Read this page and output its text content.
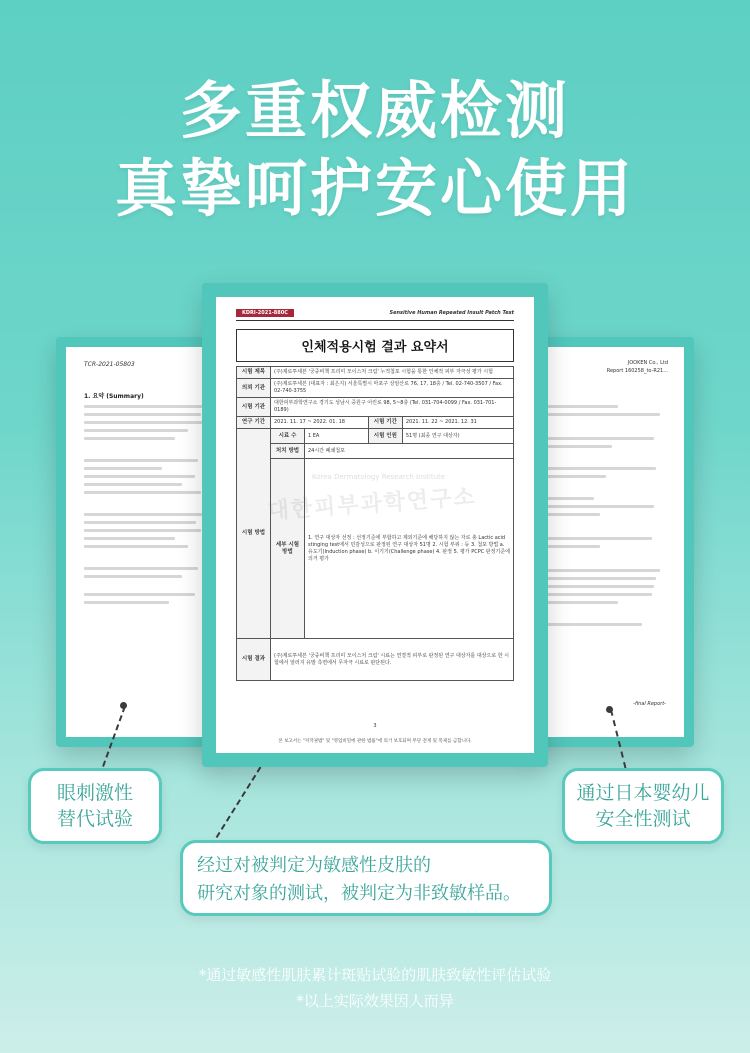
多重权威检测
真挚呵护安心使用
TCR-2021-05803
1. 요약 (Summary)
JOOKEN Co., Ltd
Report 160258_to-R21...
-final Report-
KDRI-2021-880C	Sensitive Human Repeated Insult Patch Test
인체적용시험 결과 요약서
시험 제목	(주)제로투세븐 '궁중비책 프리미 모이스처 크림' 누적첩포 시험을 통한 인체적 피부 자극성 평가 시험			
의뢰 기관	(주)제로투세븐 (대표자 : 최은지) 서울특별시 마포구 상암산로 76, 17, 18층 / Tel. 02-740-3507 / Fax. 02-740-3755			
시험 기관	대한피부과학연구소 경기도 성남시 중원구 어린로 98, 5~8층 (Tel. 031-704-0099 / Fax. 031-701-0189)			
연구 기간	2021. 11. 17 ~ 2022. 01. 18		시험 기간	2021. 11. 22 ~ 2021. 12. 31
시험 방법	시료 수	1 EA	시험 인원	51명 (최종 연구 대상자)
	처치 방법	24시간 폐쇄첩포		
	세부 시험 방법	1. 연구 대상자 선정 : 선정기준에 부합하고 제외기준에 해당하지 않는 자로 총 Lactic acid stinging test에서 민감성으로 판정된 연구 대상자 51명 2. 시험 부위 : 등 3. 첩포 방법 a. 유도기(Induction phase) b. 이기기(Challenge phase) 4. 판정 5. 평가 PCPC 판정기준에 의거 평가		
시험 결과	(주)제로투세븐 '궁중비책 프리미 모이스처 크림' 시료는 연결적 피부로 판정된 연구 대상자를 대상으로 한 시험에서 알러지 유발 측면에서 무자극 시료로 판단된다.			
Korea Dermatology Research Institute
대한피부과학연구소
3
본 보고서는 "저작권법" 및 "영업비밀에 관한 법률"에 의거 보호되며 무단 전재 및 복제를 금합니다.
眼刺激性
替代试验
通过日本婴幼儿
安全性测试
经过对被判定为敏感性皮肤的
研究对象的测试，被判定为非致敏样品。
*通过敏感性肌肤累计斑贴试验的肌肤致敏性评估试验
*以上实际效果因人而异
